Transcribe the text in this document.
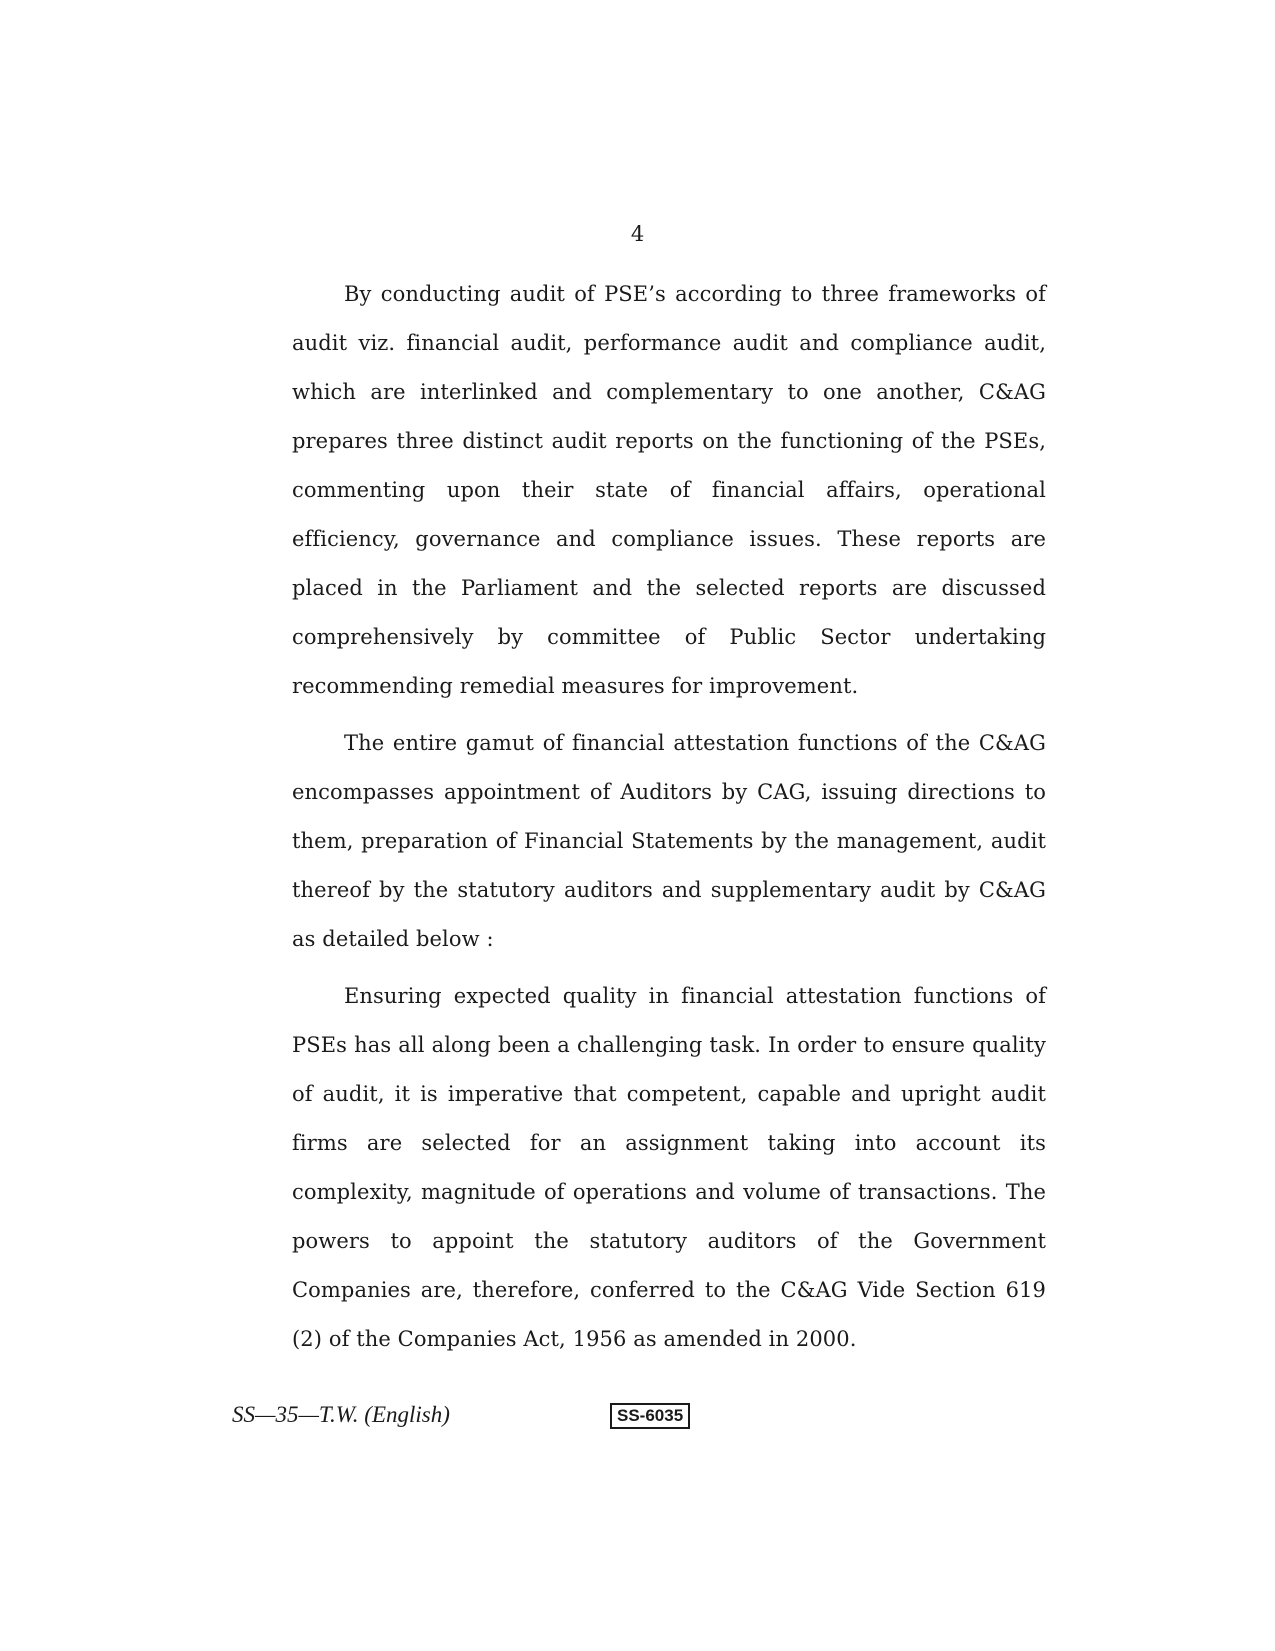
4

By conducting audit of PSE’s according to three frameworks of audit viz. financial audit, performance audit and compliance audit, which are interlinked and complementary to one another, C&AG prepares three distinct audit reports on the functioning of the PSEs, commenting upon their state of financial affairs, operational efficiency, governance and compliance issues. These reports are placed in the Parliament and the selected reports are discussed comprehensively by committee of Public Sector undertaking recommending remedial measures for improvement.

The entire gamut of financial attestation functions of the C&AG encompasses appointment of Auditors by CAG, issuing directions to them, preparation of Financial Statements by the management, audit thereof by the statutory auditors and supplementary audit by C&AG as detailed below :

Ensuring expected quality in financial attestation functions of PSEs has all along been a challenging task. In order to ensure quality of audit, it is imperative that competent, capable and upright audit firms are selected for an assignment taking into account its complexity, magnitude of operations and volume of transactions. The powers to appoint the statutory auditors of the Government Companies are, therefore, conferred to the C&AG Vide Section 619 (2) of the Companies Act, 1956 as amended in 2000.

SS—35—T.W. (English)	SS-6035
